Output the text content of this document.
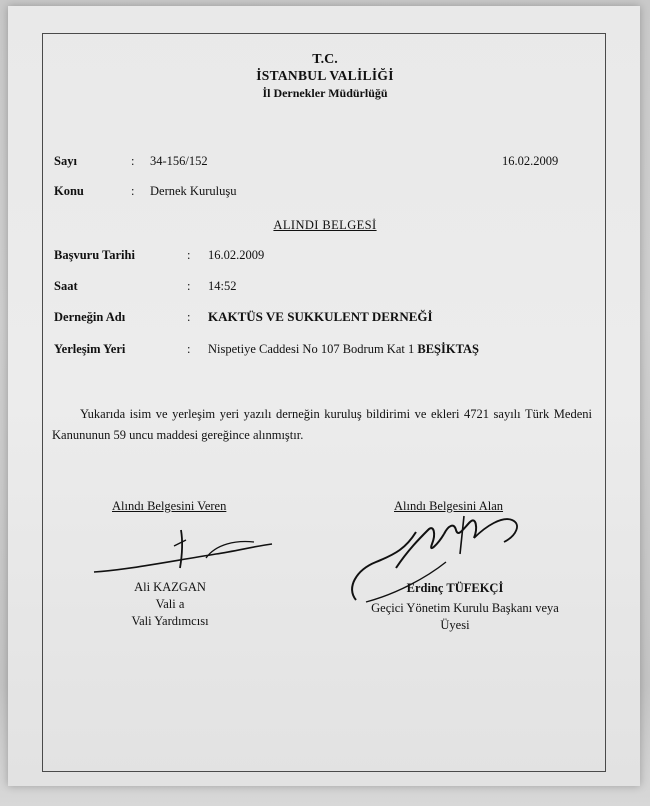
T.C.
İSTANBUL VALİLİĞİ
İl Dernekler Müdürlüğü
Sayı	: 34-156/152	16.02.2009
Konu	: Dernek Kuruluşu
ALINDI BELGESİ
Başvuru Tarihi	: 16.02.2009
Saat	: 14:52
Derneğin Adı	: KAKTÜS VE SUKKULENT DERNEĞİ
Yerleşim Yeri	: Nispetiye Caddesi No 107 Bodrum Kat 1 BEŞİKTAŞ
Yukarıda isim ve yerleşim yeri yazılı derneğin kuruluş bildirimi ve ekleri 4721 sayılı Türk Medeni Kanununun 59 uncu maddesi gereğince alınmıştır.
Alındı Belgesini Veren
Ali KAZGAN
Vali a
Vali Yardımcısı
Alındı Belgesini Alan
Erdinç TÜFEKÇİ
Geçici Yönetim Kurulu Başkanı veya
Üyesi
